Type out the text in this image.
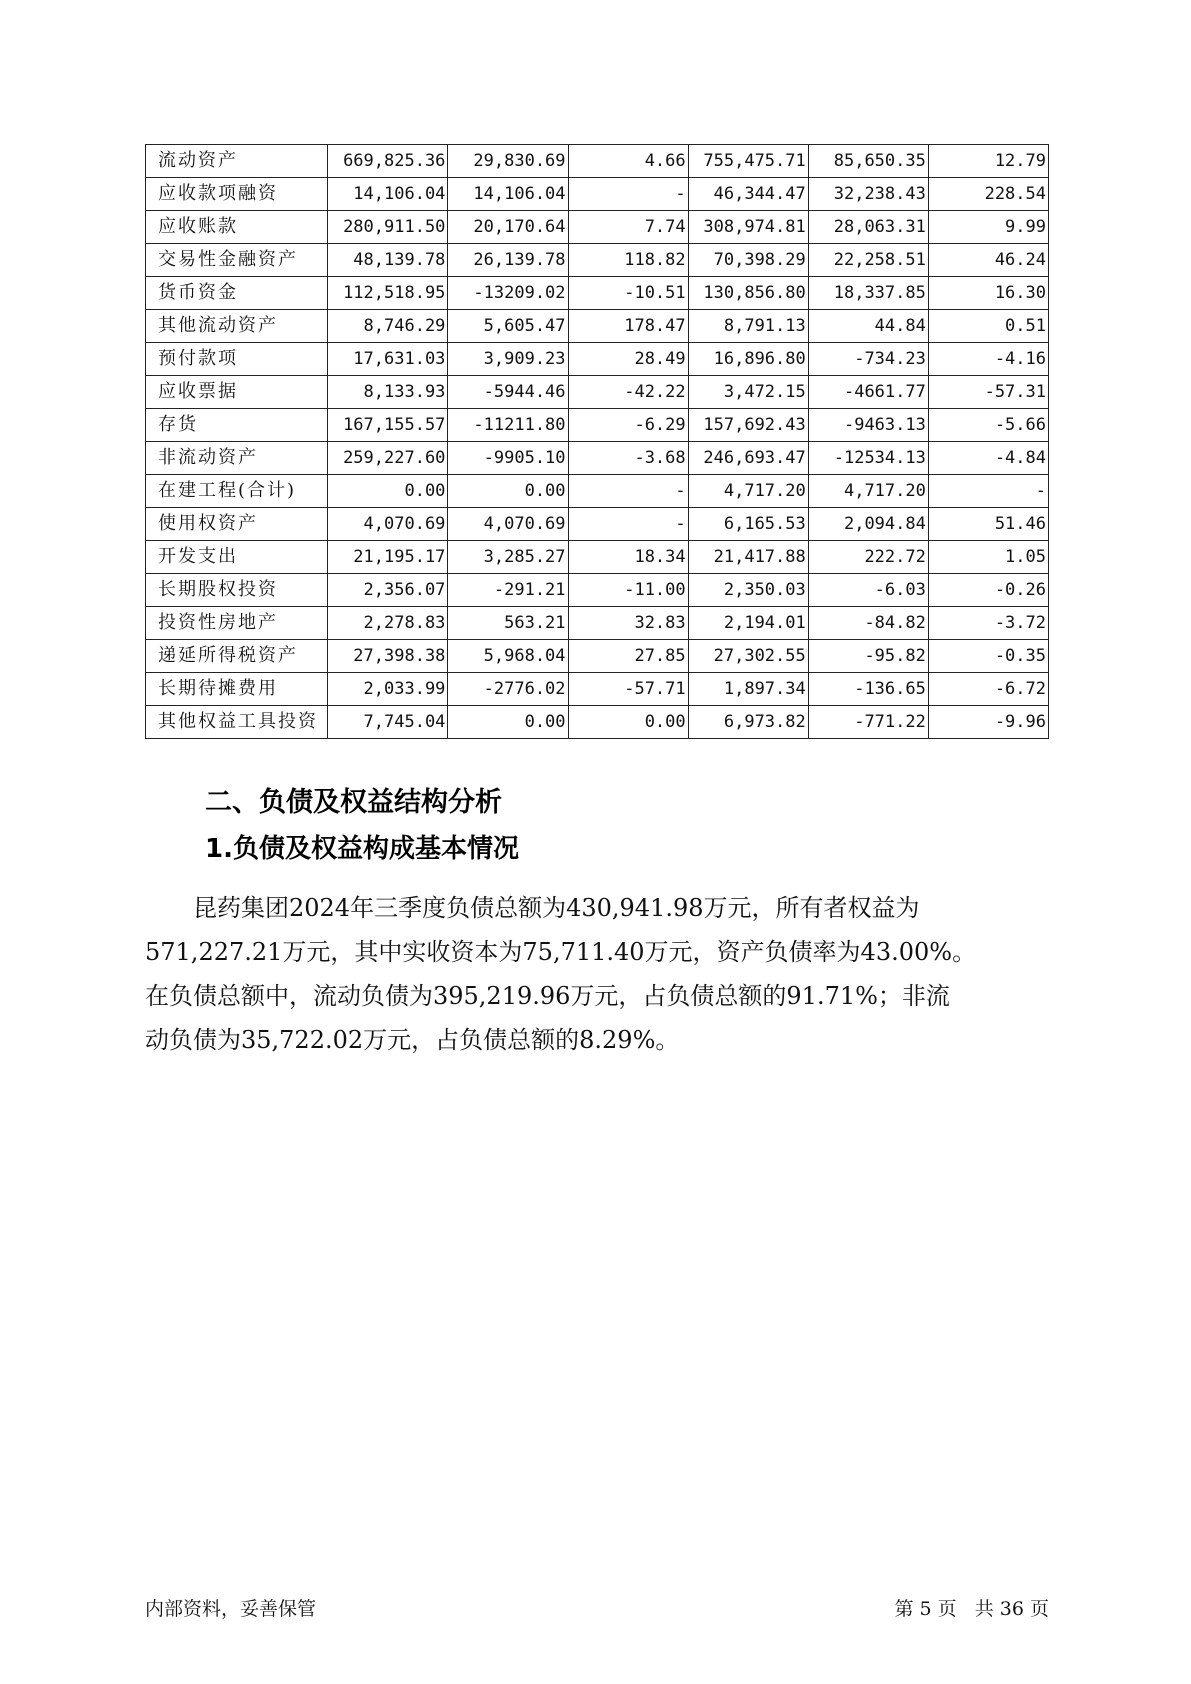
流动资产	669,825.36	29,830.69	4.66	755,475.71	85,650.35	12.79
应收款项融资	14,106.04	14,106.04	-	46,344.47	32,238.43	228.54
应收账款	280,911.50	20,170.64	7.74	308,974.81	28,063.31	9.99
交易性金融资产	48,139.78	26,139.78	118.82	70,398.29	22,258.51	46.24
货币资金	112,518.95	-13209.02	-10.51	130,856.80	18,337.85	16.30
其他流动资产	8,746.29	5,605.47	178.47	8,791.13	44.84	0.51
预付款项	17,631.03	3,909.23	28.49	16,896.80	-734.23	-4.16
应收票据	8,133.93	-5944.46	-42.22	3,472.15	-4661.77	-57.31
存货	167,155.57	-11211.80	-6.29	157,692.43	-9463.13	-5.66
非流动资产	259,227.60	-9905.10	-3.68	246,693.47	-12534.13	-4.84
在建工程(合计)	0.00	0.00	-	4,717.20	4,717.20	-
使用权资产	4,070.69	4,070.69	-	6,165.53	2,094.84	51.46
开发支出	21,195.17	3,285.27	18.34	21,417.88	222.72	1.05
长期股权投资	2,356.07	-291.21	-11.00	2,350.03	-6.03	-0.26
投资性房地产	2,278.83	563.21	32.83	2,194.01	-84.82	-3.72
递延所得税资产	27,398.38	5,968.04	27.85	27,302.55	-95.82	-0.35
长期待摊费用	2,033.99	-2776.02	-57.71	1,897.34	-136.65	-6.72
其他权益工具投资	7,745.04	0.00	0.00	6,973.82	-771.22	-9.96
二、负债及权益结构分析
1.负债及权益构成基本情况
昆药集团2024年三季度负债总额为430,941.98万元，所有者权益为
571,227.21万元，其中实收资本为75,711.40万元，资产负债率为43.00%。
在负债总额中，流动负债为395,219.96万元，占负债总额的91.71%；非流
动负债为35,722.02万元，占负债总额的8.29%。
内部资料，妥善保管	第 5 页   共 36 页
